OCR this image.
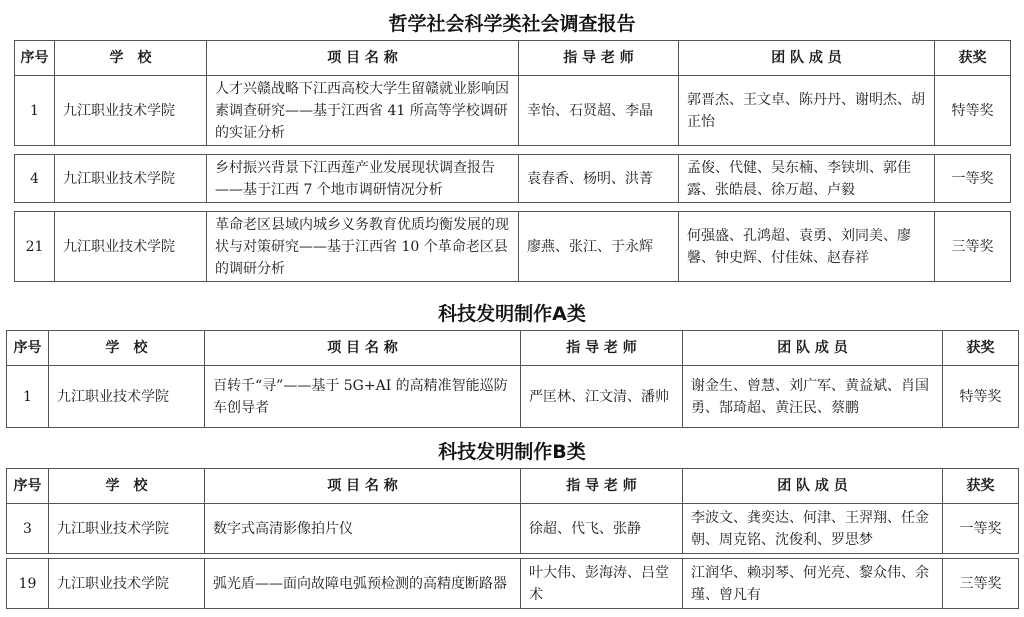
哲学社会科学类社会调查报告
序号	学　校	项 目 名 称	指 导 老 师	团 队 成 员	获奖
1	九江职业技术学院	人才兴赣战略下江西高校大学生留赣就业影响因素调查研究——基于江西省 41 所高等学校调研的实证分析	幸怡、石贤超、李晶	郭晋杰、王文卓、陈丹丹、谢明杰、胡正怡	特等奖

4	九江职业技术学院	乡村振兴背景下江西莲产业发展现状调查报告——基于江西 7 个地市调研情况分析	袁春香、杨明、洪菁	孟俊、代健、吴东楠、李铗圳、郭佳露、张皓晨、徐万超、卢毅	一等奖

21	九江职业技术学院	革命老区县域内城乡义务教育优质均衡发展的现状与对策研究——基于江西省 10 个革命老区县的调研分析	廖燕、张江、于永辉	何强盛、孔鸿超、袁勇、刘同美、廖馨、钟史辉、付佳妹、赵春祥	三等奖
科技发明制作A类
序号	学　校	项 目 名 称	指 导 老 师	团 队 成 员	获奖
1	九江职业技术学院	百转千“寻”——基于 5G+AI 的高精准智能巡防车创导者	严匡林、江文清、潘帅	谢金生、曾慧、刘广军、黄益斌、肖国勇、郜琦超、黄汪民、蔡鹏	特等奖
科技发明制作B类
序号	学　校	项 目 名 称	指 导 老 师	团 队 成 员	获奖
3	九江职业技术学院	数字式高清影像拍片仪	徐超、代飞、张静	李波文、龚奕达、何津、王羿翔、任金朝、周克铭、沈俊利、罗思梦	一等奖

19	九江职业技术学院	弧光盾——面向故障电弧预检测的高精度断路器	叶大伟、彭海涛、吕堂术	江润华、赖羽琴、何光亮、黎众伟、余瑾、曾凡有	三等奖
